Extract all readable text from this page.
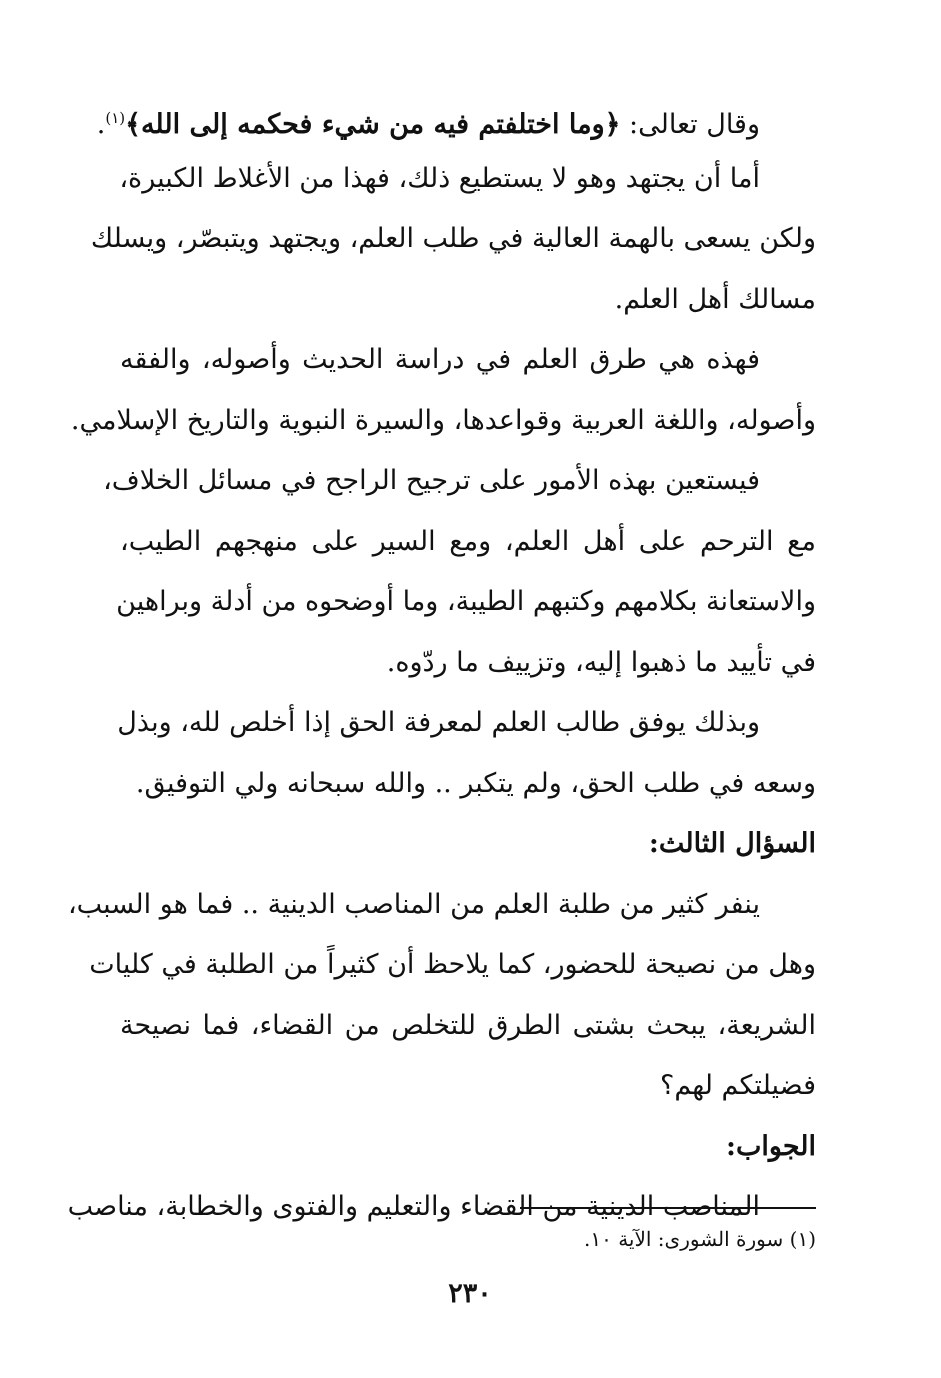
وقال تعالى: ﴿وما اختلفتم فيه من شيء فحكمه إلى الله﴾$^{(١)}$.
أما أن يجتهد وهو لا يستطيع ذلك، فهذا من الأغلاط الكبيرة،
ولكن يسعى بالهمة العالية في طلب العلم، ويجتهد ويتبصّر، ويسلك
مسالك أهل العلم.
فهذه هي طرق العلم في دراسة الحديث وأصوله، والفقه
وأصوله، واللغة العربية وقواعدها، والسيرة النبوية والتاريخ الإسلامي.
فيستعين بهذه الأمور على ترجيح الراجح في مسائل الخلاف،
مع الترحم على أهل العلم، ومع السير على منهجهم الطيب،
والاستعانة بكلامهم وكتبهم الطيبة، وما أوضحوه من أدلة وبراهين
في تأييد ما ذهبوا إليه، وتزييف ما ردّوه.
وبذلك يوفق طالب العلم لمعرفة الحق إذا أخلص لله، وبذل
وسعه في طلب الحق، ولم يتكبر .. والله سبحانه ولي التوفيق.
السؤال الثالث:
ينفر كثير من طلبة العلم من المناصب الدينية .. فما هو السبب،
وهل من نصيحة للحضور، كما يلاحظ أن كثيراً من الطلبة في كليات
الشريعة، يبحث بشتى الطرق للتخلص من القضاء، فما نصيحة
فضيلتكم لهم؟
الجواب:
المناصب الدينية من القضاء والتعليم والفتوى والخطابة، مناصب
(١) سورة الشورى: الآية ١٠.
٢٣٠
